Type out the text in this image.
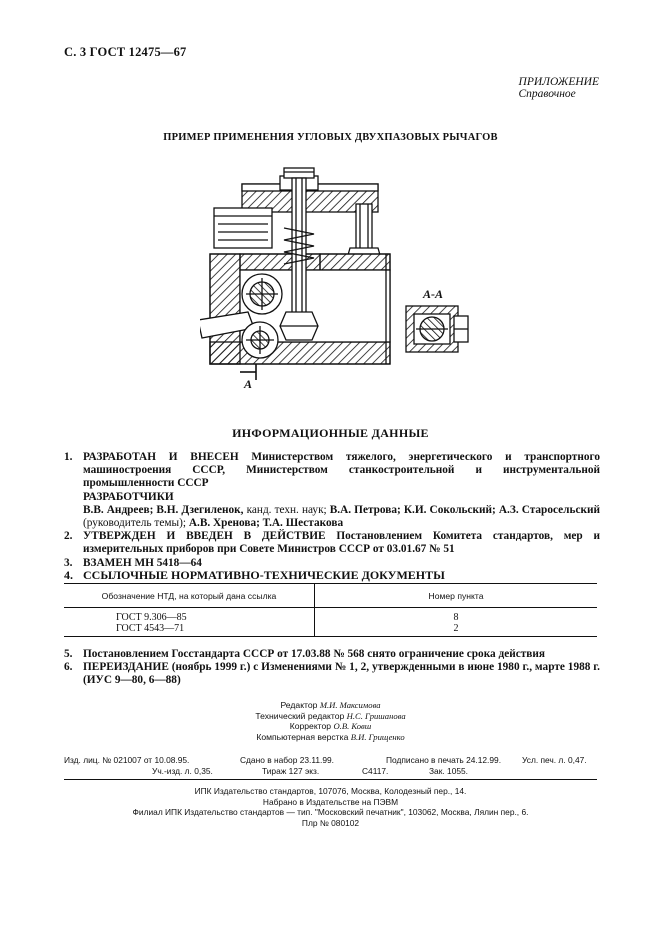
С. 3 ГОСТ 12475—67
ПРИЛОЖЕНИЕ
Справочное
ПРИМЕР ПРИМЕНЕНИЯ УГЛОВЫХ ДВУХПАЗОВЫХ РЫЧАГОВ
А-А
А
ИНФОРМАЦИОННЫЕ ДАННЫЕ
1. РАЗРАБОТАН И ВНЕСЕН Министерством тяжелого, энергетического и транспортного машиностроения СССР, Министерством станкостроительной и инструментальной промышленности СССР
РАЗРАБОТЧИКИ
В.В. Андреев; В.Н. Дзегиленок, канд. техн. наук; В.А. Петрова; К.И. Сокольский; А.З. Старосельский (руководитель темы); А.В. Хренова; Т.А. Шестакова
2. УТВЕРЖДЕН И ВВЕДЕН В ДЕЙСТВИЕ Постановлением Комитета стандартов, мер и измерительных приборов при Совете Министров СССР от 03.01.67 № 51
3. ВЗАМЕН МН 5418—64
4. ССЫЛОЧНЫЕ НОРМАТИВНО-ТЕХНИЧЕСКИЕ ДОКУМЕНТЫ
Обозначение НТД, на который дана ссылка	Номер пункта
ГОСТ 9.306—85	8
ГОСТ 4543—71	2
5. Постановлением Госстандарта СССР от 17.03.88 № 568 снято ограничение срока действия
6. ПЕРЕИЗДАНИЕ (ноябрь 1999 г.) с Изменениями № 1, 2, утвержденными в июне 1980 г., марте 1988 г. (ИУС 9—80, 6—88)
Редактор М.И. Максимова
Технический редактор Н.С. Гришанова
Корректор О.В. Ковш
Компьютерная верстка В.И. Грищенко
Изд. лиц. № 021007 от 10.08.95.	Сдано в набор 23.11.99.	Подписано в печать 24.12.99. Усл. печ. л. 0,47.
Уч.-изд. л. 0,35.	Тираж 127 экз.	С4117.	Зак. 1055.
ИПК Издательство стандартов, 107076, Москва, Колодезный пер., 14.
Набрано в Издательстве на ПЭВМ
Филиал ИПК Издательство стандартов — тип. "Московский печатник", 103062, Москва, Лялин пер., 6.
Плр № 080102
